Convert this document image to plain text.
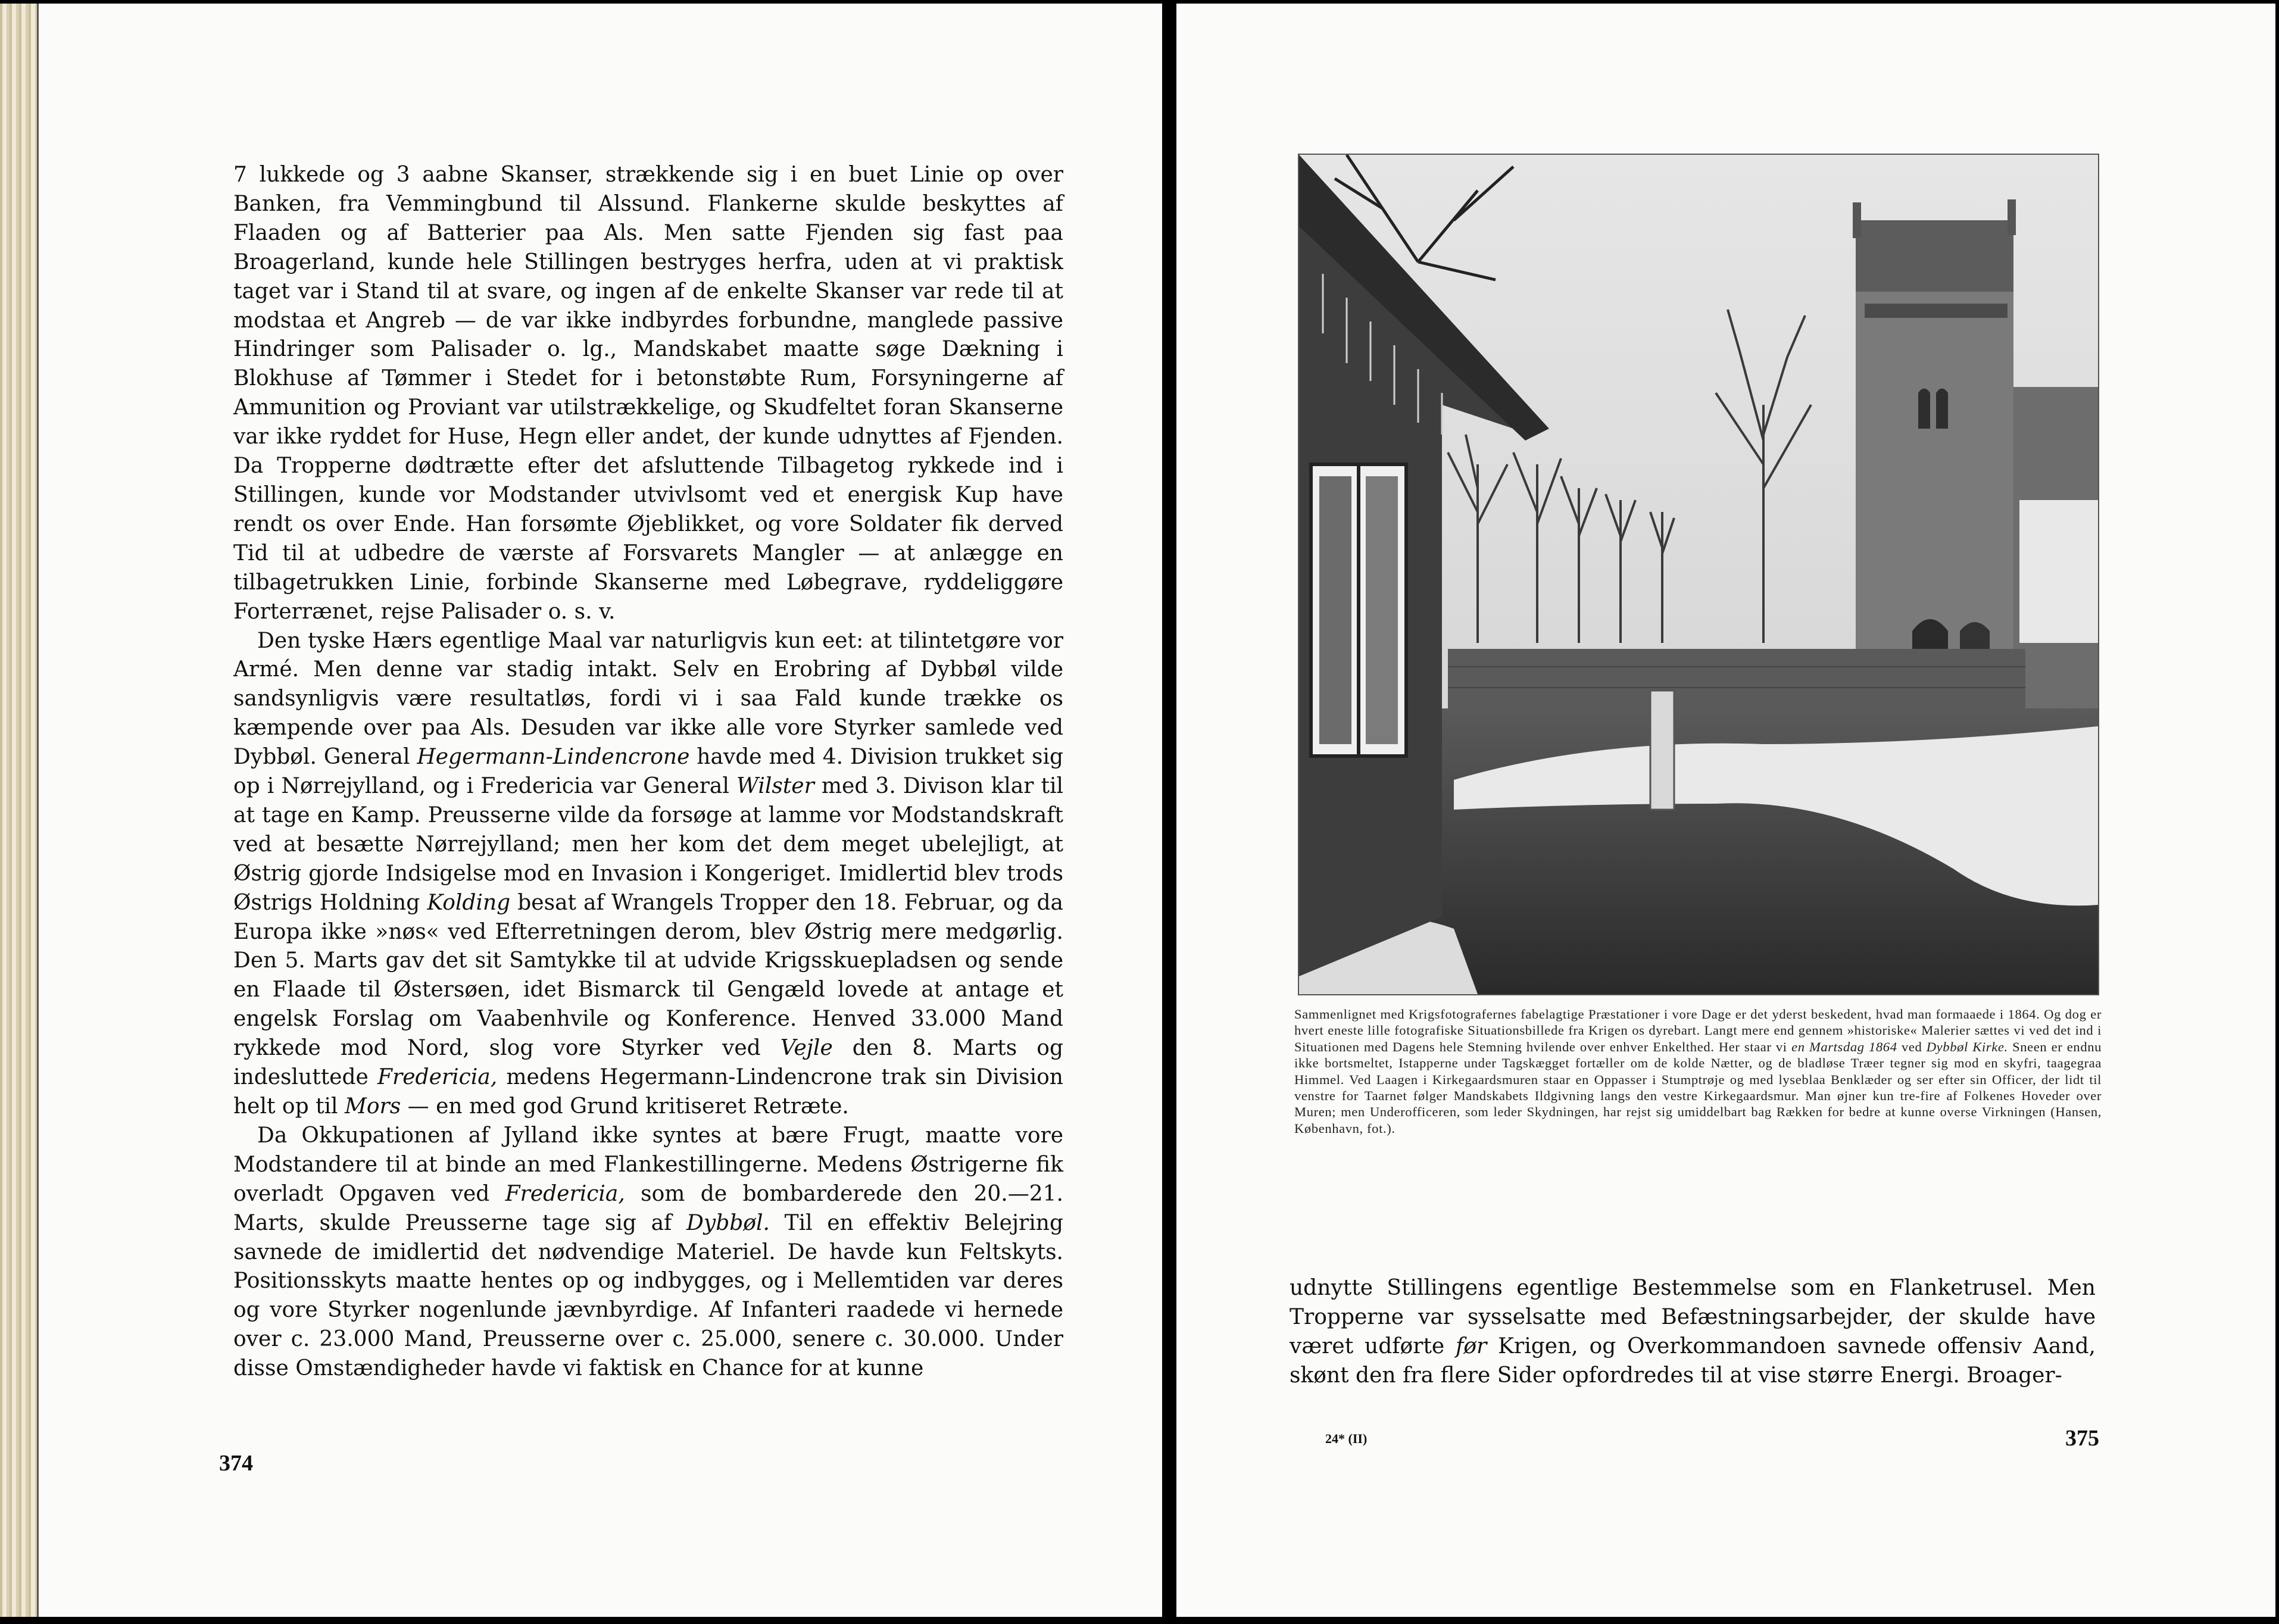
7 lukkede og 3 aabne Skanser, strækkende sig i en buet Linie op over Banken, fra Vemmingbund til Alssund. Flankerne skulde beskyttes af Flaaden og af Batterier paa Als. Men satte Fjenden sig fast paa Broagerland, kunde hele Stillingen bestryges herfra, uden at vi praktisk taget var i Stand til at svare, og ingen af de enkelte Skanser var rede til at modstaa et Angreb — de var ikke indbyrdes forbundne, manglede passive Hindringer som Palisader o. lg., Mandskabet maatte søge Dækning i Blokhuse af Tømmer i Stedet for i betonstøbte Rum, Forsyningerne af Ammunition og Proviant var utilstrækkelige, og Skudfeltet foran Skanserne var ikke ryddet for Huse, Hegn eller andet, der kunde udnyttes af Fjenden. Da Tropperne dødtrætte efter det afsluttende Tilbagetog rykkede ind i Stillingen, kunde vor Modstander utvivlsomt ved et energisk Kup have rendt os over Ende. Han forsømte Øjeblikket, og vore Soldater fik derved Tid til at udbedre de værste af Forsvarets Mangler — at anlægge en tilbagetrukken Linie, forbinde Skanserne med Løbegrave, ryddeliggøre Forterrænet, rejse Palisader o. s. v.

Den tyske Hærs egentlige Maal var naturligvis kun eet: at tilintetgøre vor Armé. Men denne var stadig intakt. Selv en Erobring af Dybbøl vilde sandsynligvis være resultatløs, fordi vi i saa Fald kunde trække os kæmpende over paa Als. Desuden var ikke alle vore Styrker samlede ved Dybbøl. General Hegermann-Lindencrone havde med 4. Division trukket sig op i Nørrejylland, og i Fredericia var General Wilster med 3. Divison klar til at tage en Kamp. Preusserne vilde da forsøge at lamme vor Modstandskraft ved at besætte Nørrejylland; men her kom det dem meget ubelejligt, at Østrig gjorde Indsigelse mod en Invasion i Kongeriget. Imidlertid blev trods Østrigs Holdning Kolding besat af Wrangels Tropper den 18. Februar, og da Europa ikke »nøs« ved Efterretningen derom, blev Østrig mere medgørlig. Den 5. Marts gav det sit Samtykke til at udvide Krigsskuepladsen og sende en Flaade til Østersøen, idet Bismarck til Gengæld lovede at antage et engelsk Forslag om Vaabenhvile og Konference. Henved 33.000 Mand rykkede mod Nord, slog vore Styrker ved Vejle den 8. Marts og indesluttede Fredericia, medens Hegermann-Lindencrone trak sin Division helt op til Mors — en med god Grund kritiseret Retræte.

Da Okkupationen af Jylland ikke syntes at bære Frugt, maatte vore Modstandere til at binde an med Flankestillingerne. Medens Østrigerne fik overladt Opgaven ved Fredericia, som de bombarderede den 20.—21. Marts, skulde Preusserne tage sig af Dybbøl. Til en effektiv Belejring savnede de imidlertid det nødvendige Materiel. De havde kun Feltskyts. Positionsskyts maatte hentes op og indbygges, og i Mellemtiden var deres og vore Styrker nogenlunde jævnbyrdige. Af Infanteri raadede vi hernede over c. 23.000 Mand, Preusserne over c. 25.000, senere c. 30.000. Under disse Omstændigheder havde vi faktisk en Chance for at kunne

374
Sammenlignet med Krigsfotografernes fabelagtige Præstationer i vore Dage er det yderst beskedent, hvad man formaaede i 1864. Og dog er hvert eneste lille fotografiske Situationsbillede fra Krigen os dyrebart. Langt mere end gennem »historiske« Malerier sættes vi ved det ind i Situationen med Dagens hele Stemning hvilende over enhver Enkelthed. Her staar vi en Martsdag 1864 ved Dybbøl Kirke. Sneen er endnu ikke bortsmeltet, Istapperne under Tagskægget fortæller om de kolde Nætter, og de bladløse Træer tegner sig mod en skyfri, taagegraa Himmel. Ved Laagen i Kirkegaardsmuren staar en Oppasser i Stumptrøje og med lyseblaa Benklæder og ser efter sin Officer, der lidt til venstre for Taarnet følger Mandskabets Ildgivning langs den vestre Kirkegaardsmur. Man øjner kun tre-fire af Folkenes Hoveder over Muren; men Underofficeren, som leder Skydningen, har rejst sig umiddelbart bag Rækken for bedre at kunne overse Virkningen (Hansen, København, fot.).

udnytte Stillingens egentlige Bestemmelse som en Flanketrusel. Men Tropperne var sysselsatte med Befæstningsarbejder, der skulde have været udførte før Krigen, og Overkommandoen savnede offensiv Aand, skønt den fra flere Sider opfordredes til at vise større Energi. Broager-

24* (II)	375
